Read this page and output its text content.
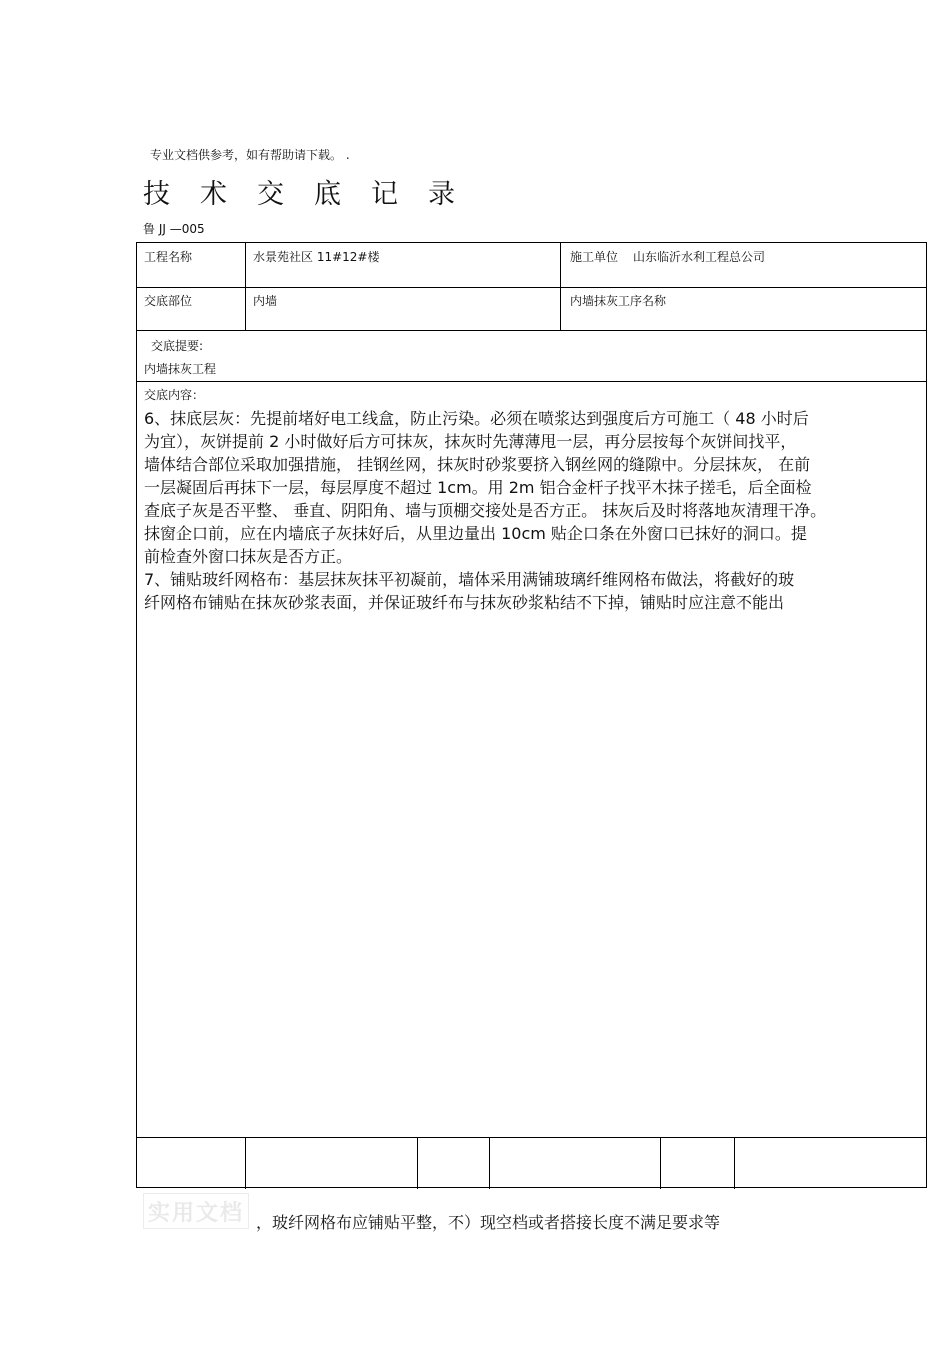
专业文档供参考，如有帮助请下载。 .
技术交底记录
鲁 JJ —005
工程名称	水景苑社区 11#12#楼	施工单位 山东临沂水利工程总公司
交底部位	内墙	内墙抹灰工序名称
交底提要:
内墙抹灰工程
交底内容：

6、抹底层灰：先提前堵好电工线盒，防止污染。必须在喷浆达到强度后方可施工（ 48 小时后

为宜），灰饼提前 2 小时做好后方可抹灰，抹灰时先薄薄甩一层，再分层按每个灰饼间找平，

墙体结合部位采取加强措施， 挂钢丝网，抹灰时砂浆要挤入钢丝网的缝隙中。分层抹灰， 在前

一层凝固后再抹下一层，每层厚度不超过 1cm。用 2m 铝合金杆子找平木抹子搓毛，后全面检

查底子灰是否平整、 垂直、阴阳角、墙与顶棚交接处是否方正。 抹灰后及时将落地灰清理干净。

抹窗企口前，应在内墙底子灰抹好后，从里边量出 10cm 贴企口条在外窗口已抹好的洞口。提

前检查外窗口抹灰是否方正。

7、铺贴玻纤网格布：基层抹灰抹平初凝前，墙体采用满铺玻璃纤维网格布做法，将截好的玻

纤网格布铺贴在抹灰砂浆表面，并保证玻纤布与抹灰砂浆粘结不下掉，铺贴时应注意不能出

实用文档 ，玻纤网格布应铺贴平整，不）现空档或者搭接长度不满足要求等
